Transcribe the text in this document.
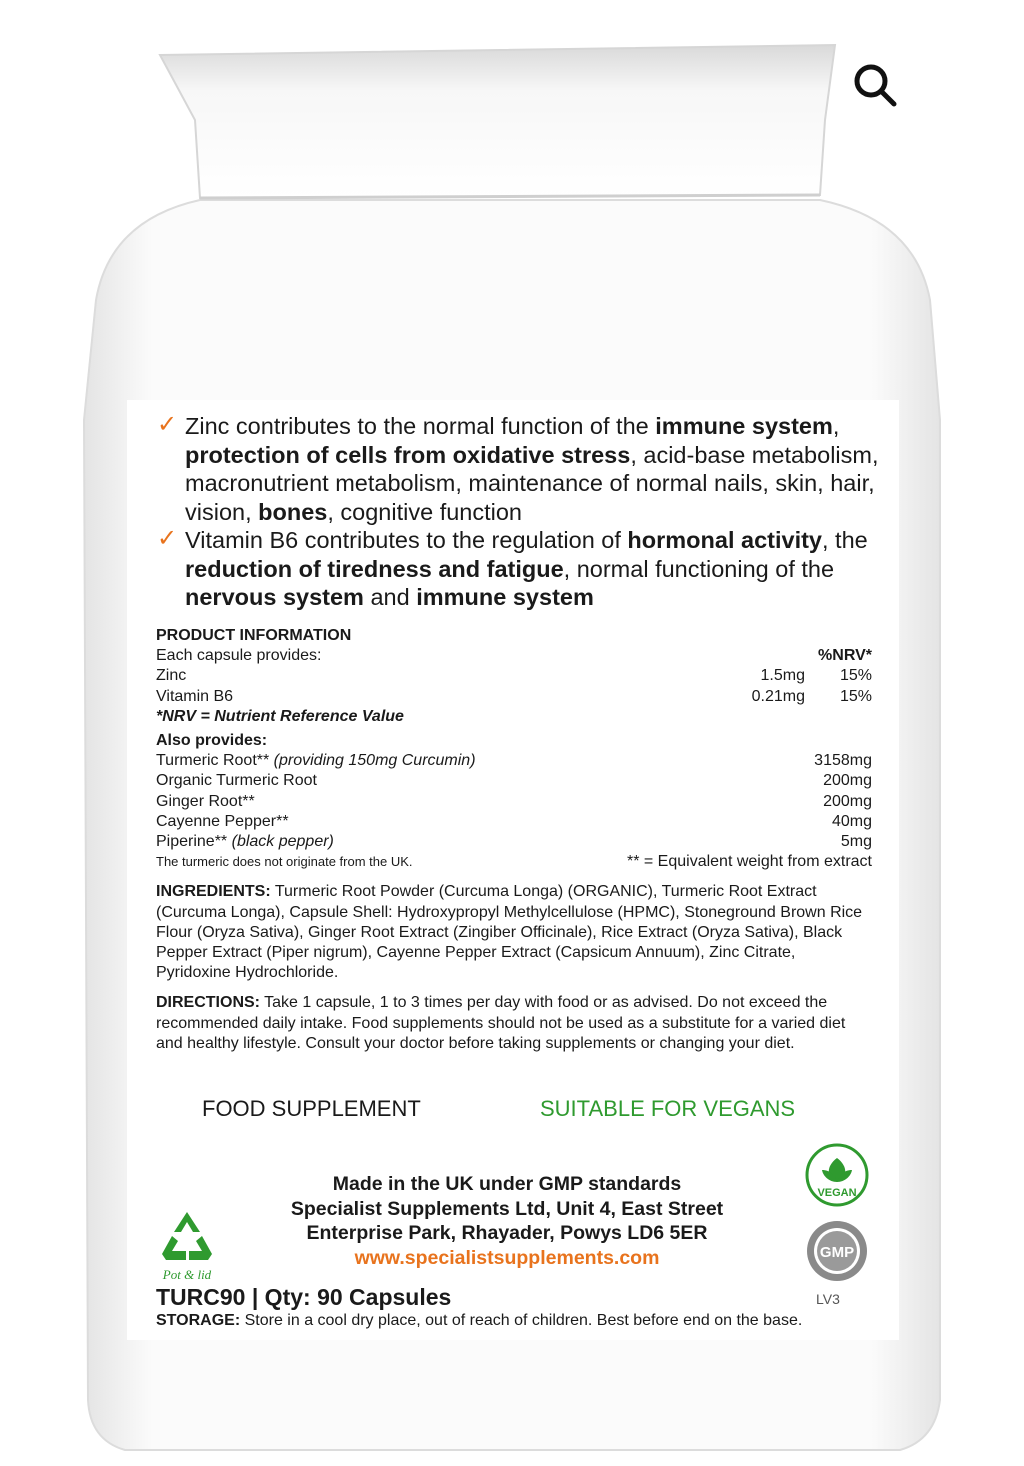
✓ Zinc contributes to the normal function of the immune system, protection of cells from oxidative stress, acid-base metabolism, macronutrient metabolism, maintenance of normal nails, skin, hair, vision, bones, cognitive function
✓ Vitamin B6 contributes to the regulation of hormonal activity, the reduction of tiredness and fatigue, normal functioning of the nervous system and immune system
PRODUCT INFORMATION
Each capsule provides:	%NRV*
Zinc	1.5mg	15%
Vitamin B6	0.21mg	15%
*NRV = Nutrient Reference Value
Also provides:
Turmeric Root** (providing 150mg Curcumin)	3158mg
Organic Turmeric Root	200mg
Ginger Root**	200mg
Cayenne Pepper**	40mg
Piperine** (black pepper)	5mg
The turmeric does not originate from the UK.	** = Equivalent weight from extract
INGREDIENTS: Turmeric Root Powder (Curcuma Longa) (ORGANIC), Turmeric Root Extract (Curcuma Longa), Capsule Shell: Hydroxypropyl Methylcellulose (HPMC), Stoneground Brown Rice Flour (Oryza Sativa), Ginger Root Extract (Zingiber Officinale), Rice Extract (Oryza Sativa), Black Pepper Extract (Piper nigrum), Cayenne Pepper Extract (Capsicum Annuum), Zinc Citrate, Pyridoxine Hydrochloride.
DIRECTIONS: Take 1 capsule, 1 to 3 times per day with food or as advised. Do not exceed the recommended daily intake. Food supplements should not be used as a substitute for a varied diet and healthy lifestyle. Consult your doctor before taking supplements or changing your diet.
FOOD SUPPLEMENT	SUITABLE FOR VEGANS
Pot & lid
Made in the UK under GMP standards
Specialist Supplements Ltd, Unit 4, East Street
Enterprise Park, Rhayader, Powys LD6 5ER
www.specialistsupplements.com
VEGAN
GMP
TURC90 | Qty: 90 Capsules	LV3
STORAGE: Store in a cool dry place, out of reach of children. Best before end on the base.
